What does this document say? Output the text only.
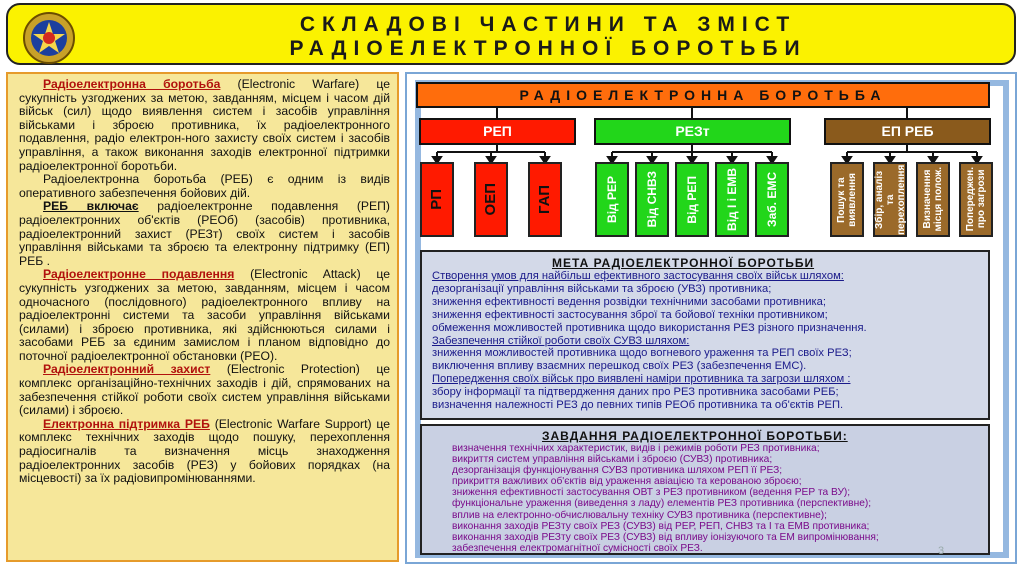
СКЛАДОВІ ЧАСТИНИ ТА ЗМІСТ
РАДІОЕЛЕКТРОННОЇ БОРОТЬБИ

Радіоелектронна боротьба (Electronic Warfare) це сукупність узгоджених за метою, завданням, місцем і часом дій військ (сил) щодо виявлення систем і засобів управління військами і зброєю противника, їх радіоелектронного подавлення, радіо електрон-ного захисту своїх систем і засобів управління, а також виконання заходів електронної підтримки радіоелектронної боротьби.

Радіоелектронна боротьба (РЕБ) є одним із видів оперативного забезпечення бойових дій.

РЕБ включає радіоелектронне подавлення (РЕП) радіоелектронних об'єктів (РЕОб) (засобів) противника, радіоелектронний захист (РЕЗт) своїх систем і засобів управління військами та зброєю та електронну підтримку (ЕП) РЕБ .

Радіоелектронне подавлення (Electronic Attack) це сукупність узгоджених за метою, завданням, місцем і часом одночасного (послідовного) радіоелектронного впливу на радіоелектронні системи та засоби управління військами (силами) і зброєю противника, які здійснюються силами і засобами РЕБ за єдиним замислом і планом відповідно до поточної радіоелектронної обстановки (РЕО).

Радіоелектронний захист (Electronic Protection) це комплекс організаційно-технічних заходів і дій, спрямованих на забезпечення стійкої роботи своїх систем управління військами (силами) і зброєю.

Електронна підтримка РЕБ (Electronic Warfare Support) це комплекс технічних заходів щодо пошуку, перехоплення радіосигналів та визначення місць знаходження радіоелектронних засобів (РЕЗ) у бойових порядках (на місцевості) за їх радіовипромінюваннями.

РАДІОЕЛЕКТРОННА БОРОТЬБА
РЕП	РЕЗт	ЕП РЕБ
РП ОЕП ГАП	Від РЕР Від СНВЗ Від РЕП Від І і ЕМВ Заб. ЕМС	Пошук та
виявлення Збір, аналіз та
перехоплення Визначення
місця полож. Попереджен.
про загрози
МЕТА РАДІОЕЛЕКТРОННОЇ БОРОТЬБИ
Створення умов для найбільш ефективного застосування своїх військ шляхом:
дезорганізації управління військами та зброєю (УВЗ) противника;
зниження ефективності ведення розвідки технічними засобами противника;
зниження ефективності застосування зброї та бойової техніки противником;
обмеження можливостей противника щодо використання РЕЗ різного призначення.
Забезпечення стійкої роботи своїх СУВЗ шляхом:
зниження можливостей противника щодо вогневого ураження та РЕП своїх РЕЗ;
виключення впливу взаємних перешкод своїх РЕЗ (забезпечення ЕМС).
Попередження своїх військ про виявлені наміри противника та загрози шляхом :
збору інформації та підтвердження даних про РЕЗ противника засобами РЕБ;
визначення належності РЕЗ до певних типів РЕОб противника та об'єктів РЕП.
ЗАВДАННЯ РАДІОЕЛЕКТРОННОЇ БОРОТЬБИ:
визначення технічних характеристик, видів і режимів роботи РЕЗ противника;
викриття систем управління військами і зброєю (СУВЗ) противника;
дезорганізація функціонування СУВЗ противника шляхом РЕП її РЕЗ;
прикриття важливих об'єктів від ураження авіацією та керованою зброєю;
зниження ефективності застосування ОВТ з РЕЗ противником (ведення РЕР та ВУ);
функціональне ураження (виведення з ладу) елементів РЕЗ противника (перспективне);
вплив на електронно-обчислювальну техніку СУВЗ противника (перспективне);
виконання заходів РЕЗту своїх РЕЗ (СУВЗ) від РЕР, РЕП, СНВЗ та І та ЕМВ противника;
виконання заходів РЕЗту своїх РЕЗ (СУВЗ) від впливу іонізуючого та ЕМ випромінювання;
забезпечення електромагнітної сумісності своїх РЕЗ.	3
